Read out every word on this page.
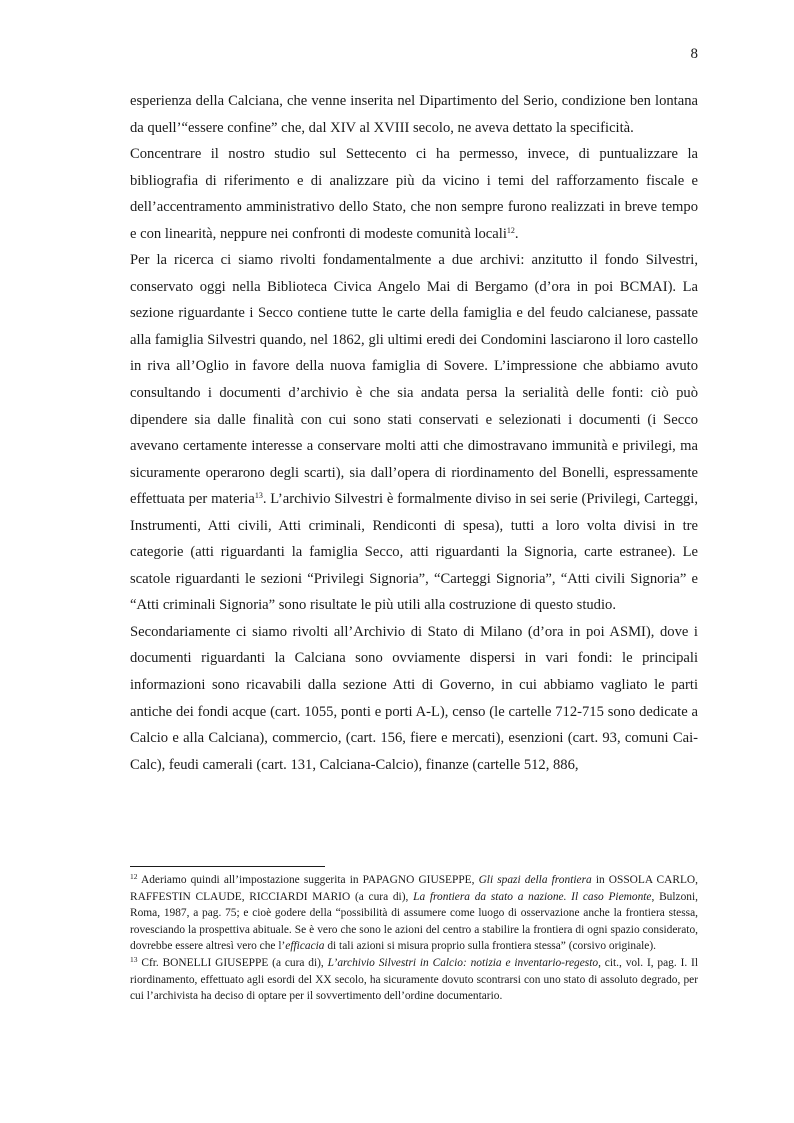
8

esperienza della Calciana, che venne inserita nel Dipartimento del Serio, condizione ben lontana da quell’“essere confine” che, dal XIV al XVIII secolo, ne aveva dettato la specificità.

Concentrare il nostro studio sul Settecento ci ha permesso, invece, di puntualizzare la bibliografia di riferimento e di analizzare più da vicino i temi del rafforzamento fiscale e dell’accentramento amministrativo dello Stato, che non sempre furono realizzati in breve tempo e con linearità, neppure nei confronti di modeste comunità locali$^{12}$.

Per la ricerca ci siamo rivolti fondamentalmente a due archivi: anzitutto il fondo Silvestri, conservato oggi nella Biblioteca Civica Angelo Mai di Bergamo (d’ora in poi BCMAI). La sezione riguardante i Secco contiene tutte le carte della famiglia e del feudo calcianese, passate alla famiglia Silvestri quando, nel 1862, gli ultimi eredi dei Condomini lasciarono il loro castello in riva all’Oglio in favore della nuova famiglia di Sovere. L’impressione che abbiamo avuto consultando i documenti d’archivio è che sia andata persa la serialità delle fonti: ciò può dipendere sia dalle finalità con cui sono stati conservati e selezionati i documenti (i Secco avevano certamente interesse a conservare molti atti che dimostravano immunità e privilegi, ma sicuramente operarono degli scarti), sia dall’opera di riordinamento del Bonelli, espressamente effettuata per materia$^{13}$. L’archivio Silvestri è formalmente diviso in sei serie (Privilegi, Carteggi, Instrumenti, Atti civili, Atti criminali, Rendiconti di spesa), tutti a loro volta divisi in tre categorie (atti riguardanti la famiglia Secco, atti riguardanti la Signoria, carte estranee). Le scatole riguardanti le sezioni “Privilegi Signoria”, “Carteggi Signoria”, “Atti civili Signoria” e “Atti criminali Signoria” sono risultate le più utili alla costruzione di questo studio.

Secondariamente ci siamo rivolti all’Archivio di Stato di Milano (d’ora in poi ASMI), dove i documenti riguardanti la Calciana sono ovviamente dispersi in vari fondi: le principali informazioni sono ricavabili dalla sezione Atti di Governo, in cui abbiamo vagliato le parti antiche dei fondi acque (cart. 1055, ponti e porti A-L), censo (le cartelle 712-715 sono dedicate a Calcio e alla Calciana), commercio, (cart. 156, fiere e mercati), esenzioni (cart. 93, comuni Cai-Calc), feudi camerali (cart. 131, Calciana-Calcio), finanze (cartelle 512, 886,

$^{12}$ Aderiamo quindi all’impostazione suggerita in PAPAGNO GIUSEPPE, Gli spazi della frontiera in OSSOLA CARLO, RAFFESTIN CLAUDE, RICCIARDI MARIO (a cura di), La frontiera da stato a nazione. Il caso Piemonte, Bulzoni, Roma, 1987, a pag. 75; e cioè godere della “possibilità di assumere come luogo di osservazione anche la frontiera stessa, rovesciando la prospettiva abituale. Se è vero che sono le azioni del centro a stabilire la frontiera di ogni spazio considerato, dovrebbe essere altresì vero che l’efficacia di tali azioni si misura proprio sulla frontiera stessa” (corsivo originale).

$^{13}$ Cfr. BONELLI GIUSEPPE (a cura di), L’archivio Silvestri in Calcio: notizia e inventario-regesto, cit., vol. I, pag. I. Il riordinamento, effettuato agli esordi del XX secolo, ha sicuramente dovuto scontrarsi con uno stato di assoluto degrado, per cui l’archivista ha deciso di optare per il sovvertimento dell’ordine documentario.
